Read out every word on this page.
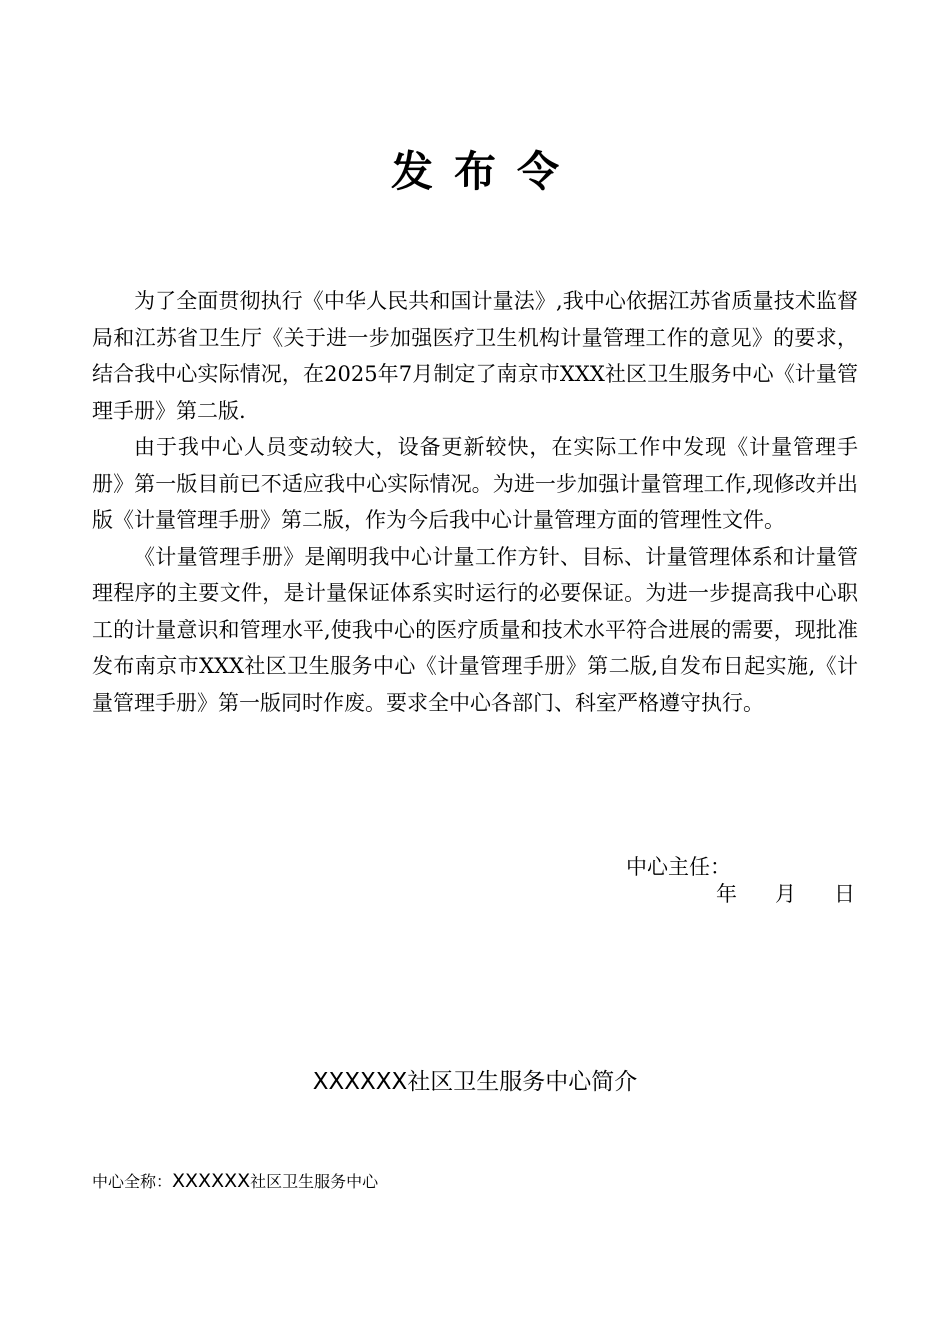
发布令

为了全面贯彻执行《中华人民共和国计量法》,我中心依据江苏省质量技术监督局和江苏省卫生厅《关于进一步加强医疗卫生机构计量管理工作的意见》的要求，结合我中心实际情况，在2025年7月制定了南京市XXX社区卫生服务中心《计量管理手册》第二版.

由于我中心人员变动较大，设备更新较快，在实际工作中发现《计量管理手册》第一版目前已不适应我中心实际情况。为进一步加强计量管理工作,现修改并出版《计量管理手册》第二版，作为今后我中心计量管理方面的管理性文件。

《计量管理手册》是阐明我中心计量工作方针、目标、计量管理体系和计量管理程序的主要文件，是计量保证体系实时运行的必要保证。为进一步提高我中心职工的计量意识和管理水平,使我中心的医疗质量和技术水平符合进展的需要，现批准发布南京市XXX社区卫生服务中心《计量管理手册》第二版,自发布日起实施,《计量管理手册》第一版同时作废。要求全中心各部门、科室严格遵守执行。

中心主任：
年 月 日
XXXXXX社区卫生服务中心简介
中心全称：XXXXXX社区卫生服务中心
